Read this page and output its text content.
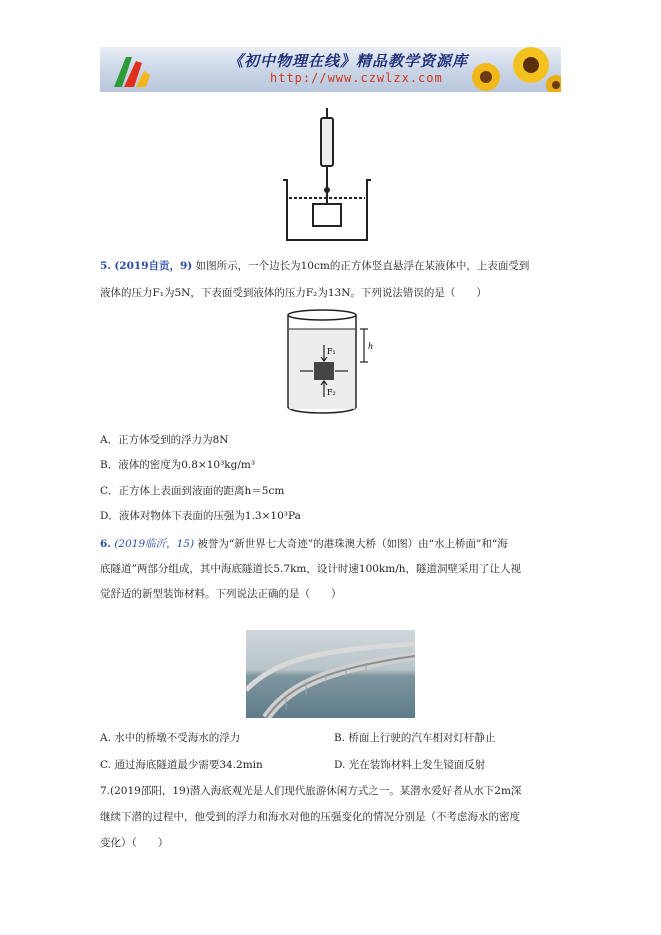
《初中物理在线》精品教学资源库
http://www.czwlzx.com
5. (2019自贡，9) 如图所示，一个边长为10cm的正方体竖直悬浮在某液体中，上表面受到
液体的压力F₁为5N，下表面受到液体的压力F₂为13N。下列说法错误的是（　　）
F₁
F₂
h
A．正方体受到的浮力为8N
B．液体的密度为0.8×10³kg/m³
C．正方体上表面到液面的距离h＝5cm
D．液体对物体下表面的压强为1.3×10³Pa
6. (2019临沂，15) 被誉为“新世界七大奇迹”的港珠澳大桥（如图）由“水上桥面”和“海
底隧道”两部分组成，其中海底隧道长5.7km，设计时速100km/h，隧道洞壁采用了让人视
觉舒适的新型装饰材料。下列说法正确的是（　　）
A. 水中的桥墩不受海水的浮力	B. 桥面上行驶的汽车相对灯杆静止
C. 通过海底隧道最少需要34.2min	D. 光在装饰材料上发生镜面反射
7.(2019邵阳，19)潜入海底观光是人们现代旅游休闲方式之一。某潜水爱好者从水下2m深
继续下潜的过程中，他受到的浮力和海水对他的压强变化的情况分别是（不考虑海水的密度
变化）（　　）
